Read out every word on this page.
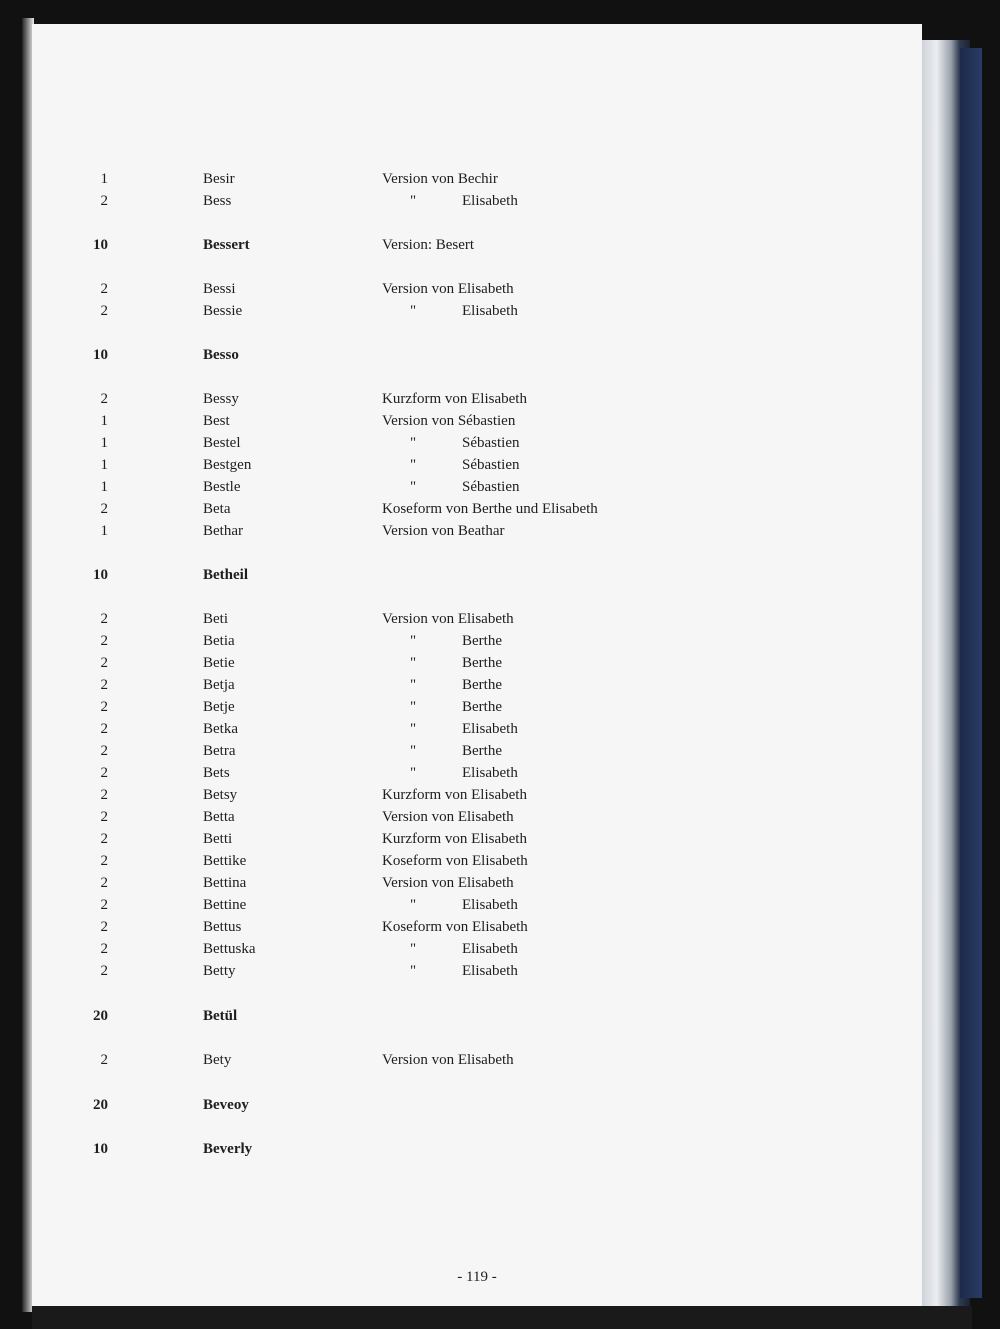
1	Besir	Version von Bechir
2	Bess	"	Elisabeth
10	Bessert	Version: Besert
2	Bessi	Version von Elisabeth
2	Bessie	"	Elisabeth
10	Besso
2	Bessy	Kurzform von Elisabeth
1	Best	Version von Sébastien
1	Bestel	"	Sébastien
1	Bestgen	"	Sébastien
1	Bestle	"	Sébastien
2	Beta	Koseform von Berthe und Elisabeth
1	Bethar	Version von Beathar
10	Betheil
2	Beti	Version von Elisabeth
2	Betia	"	Berthe
2	Betie	"	Berthe
2	Betja	"	Berthe
2	Betje	"	Berthe
2	Betka	"	Elisabeth
2	Betra	"	Berthe
2	Bets	"	Elisabeth
2	Betsy	Kurzform von Elisabeth
2	Betta	Version von Elisabeth
2	Betti	Kurzform von Elisabeth
2	Bettike	Koseform von Elisabeth
2	Bettina	Version von Elisabeth
2	Bettine	"	Elisabeth
2	Bettus	Koseform von Elisabeth
2	Bettuska	"	Elisabeth
2	Betty	"	Elisabeth
20	Betül
2	Bety	Version von Elisabeth
20	Beveoy
10	Beverly
- 119 -
